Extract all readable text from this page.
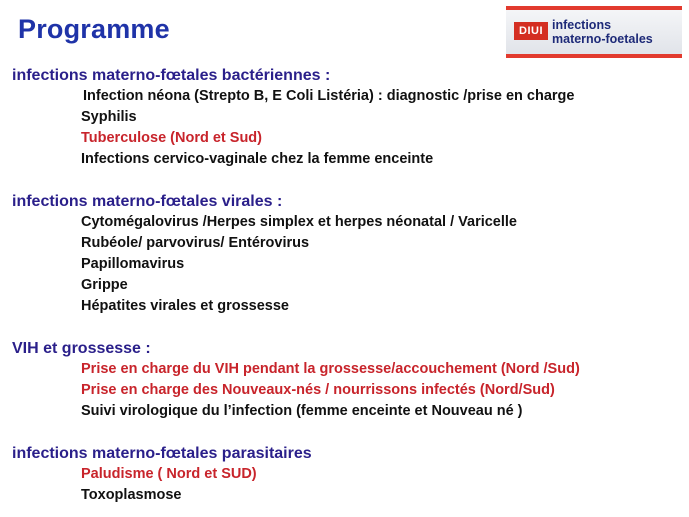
Programme	DIUI infections
materno-foetales
infections materno-fœtales bactériennes :
Infection néona (Strepto B, E Coli Listéria) : diagnostic /prise en charge
Syphilis
Tuberculose (Nord et Sud)
Infections cervico-vaginale chez la femme enceinte
infections materno-fœtales virales :
Cytomégalovirus /Herpes simplex et herpes néonatal / Varicelle
Rubéole/ parvovirus/ Entérovirus
Papillomavirus
Grippe
Hépatites virales et grossesse
VIH et grossesse :
Prise en charge du VIH pendant la grossesse/accouchement (Nord /Sud)
Prise en charge des Nouveaux-nés / nourrissons infectés (Nord/Sud)
Suivi virologique du l’infection (femme enceinte et Nouveau né )
infections materno-fœtales parasitaires
Paludisme ( Nord et SUD)
Toxoplasmose
